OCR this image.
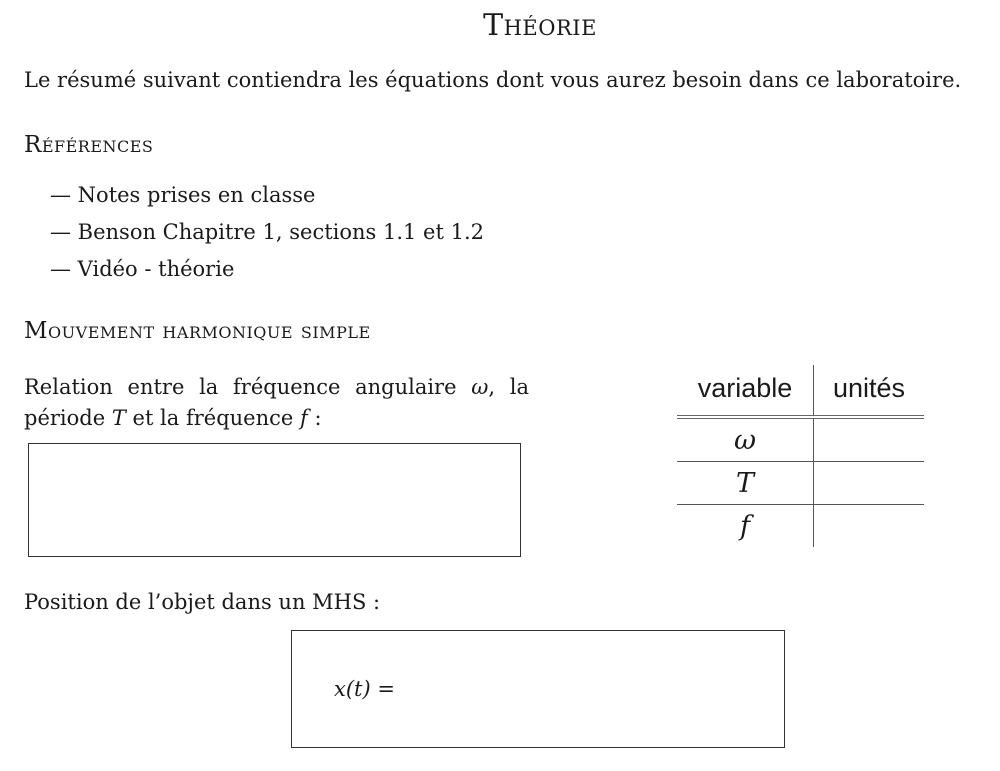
Théorie

Le résumé suivant contiendra les équations dont vous aurez besoin dans ce laboratoire.

Références
— Notes prises en classe
— Benson Chapitre 1, sections 1.1 et 1.2
— Vidéo - théorie
Mouvement harmonique simple

Relation entre la fréquence angulaire ω, la période T et la fréquence f :

variable	unités
ω	
T	
f	

Position de l’objet dans un MHS :

x(t) =
